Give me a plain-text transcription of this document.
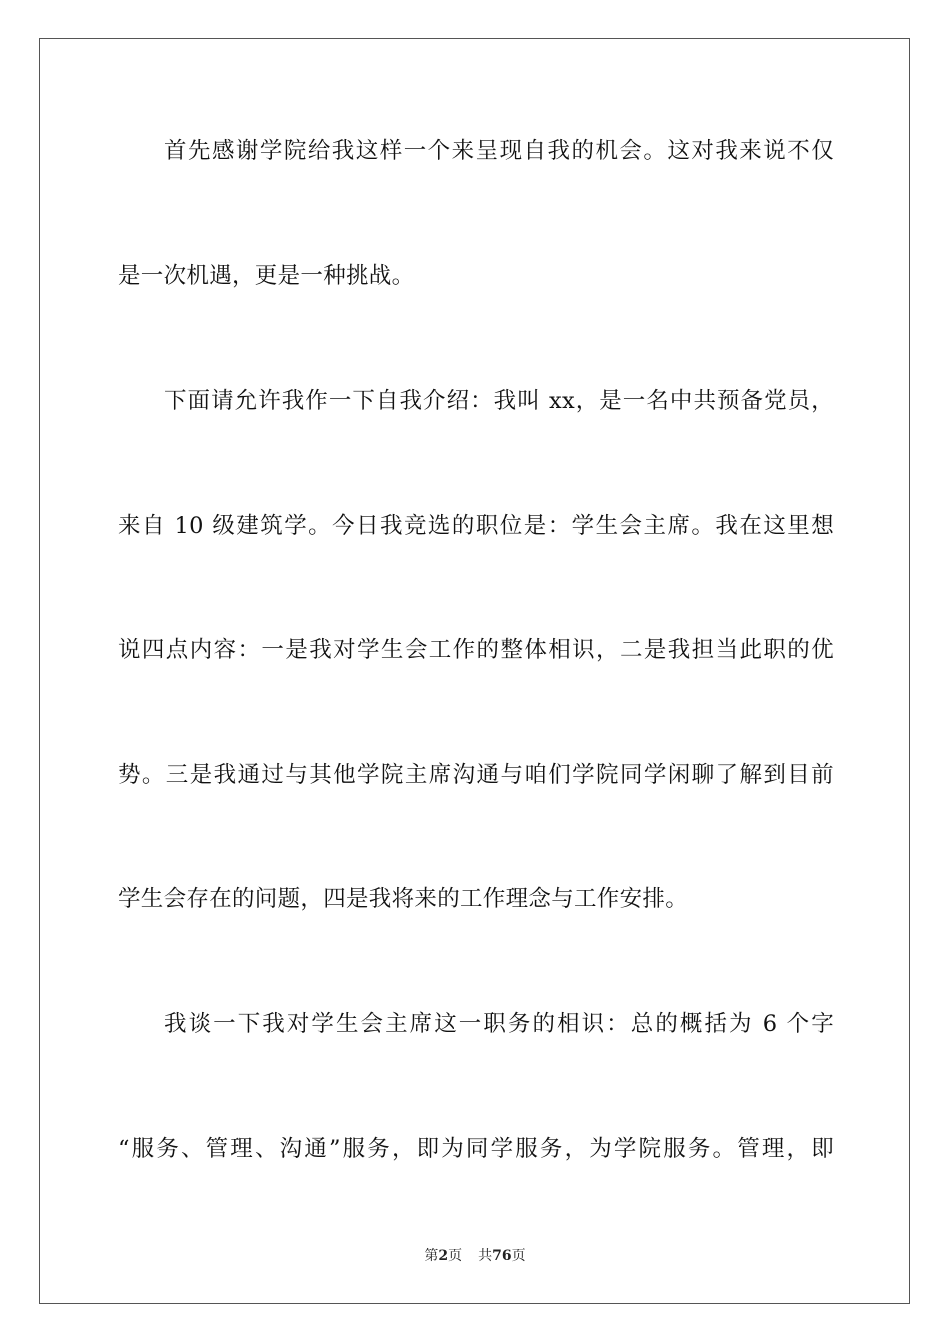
首先感谢学院给我这样一个来呈现自我的机会。这对我来说不仅
是一次机遇，更是一种挑战。
下面请允许我作一下自我介绍：我叫 xx，是一名中共预备党员，
来自 10 级建筑学。今日我竞选的职位是：学生会主席。我在这里想
说四点内容：一是我对学生会工作的整体相识，二是我担当此职的优
势。三是我通过与其他学院主席沟通与咱们学院同学闲聊了解到目前
学生会存在的问题，四是我将来的工作理念与工作安排。
我谈一下我对学生会主席这一职务的相识：总的概括为 6 个字
“服务、管理、沟通”服务，即为同学服务，为学院服务。管理，即
第2页 共76页
